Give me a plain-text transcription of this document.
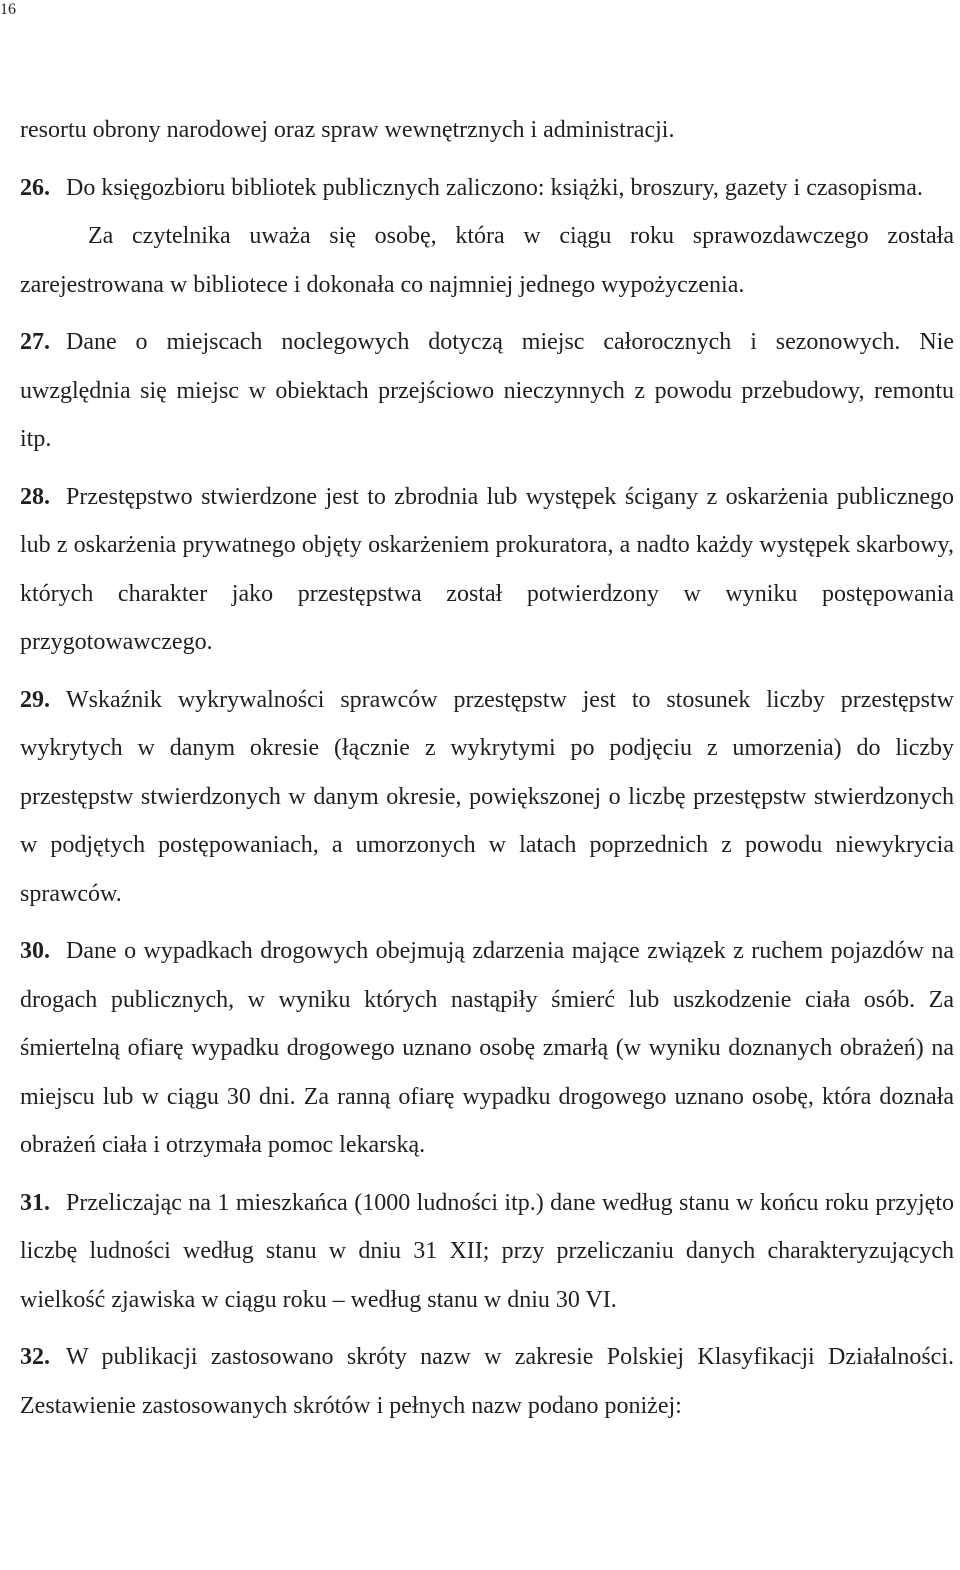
16

resortu obrony narodowej oraz spraw wewnętrznych i administracji.

26. Do księgozbioru bibliotek publicznych zaliczono: książki, broszury, gazety i czasopisma.

Za czytelnika uważa się osobę, która w ciągu roku sprawozdawczego została zarejestrowana w bibliotece i dokonała co najmniej jednego wypożyczenia.

27. Dane o miejscach noclegowych dotyczą miejsc całorocznych i sezonowych. Nie uwzględnia się miejsc w obiektach przejściowo nieczynnych z powodu przebudowy, remontu itp.

28. Przestępstwo stwierdzone jest to zbrodnia lub występek ścigany z oskarżenia publicznego lub z oskarżenia prywatnego objęty oskarżeniem prokuratora, a nadto każdy występek skarbowy, których charakter jako przestępstwa został potwierdzony w wyniku postępowania przygotowawczego.

29. Wskaźnik wykrywalności sprawców przestępstw jest to stosunek liczby przestępstw wykrytych w danym okresie (łącznie z wykrytymi po podjęciu z umorzenia) do liczby przestępstw stwierdzonych w danym okresie, powiększonej o liczbę przestępstw stwierdzonych w podjętych postępowaniach, a umorzonych w latach poprzednich z powodu niewykrycia sprawców.

30. Dane o wypadkach drogowych obejmują zdarzenia mające związek z ruchem pojazdów na drogach publicznych, w wyniku których nastąpiły śmierć lub uszkodzenie ciała osób. Za śmiertelną ofiarę wypadku drogowego uznano osobę zmarłą (w wyniku doznanych obrażeń) na miejscu lub w ciągu 30 dni. Za ranną ofiarę wypadku drogowego uznano osobę, która doznała obrażeń ciała i otrzymała pomoc lekarską.

31. Przeliczając na 1 mieszkańca (1000 ludności itp.) dane według stanu w końcu roku przyjęto liczbę ludności według stanu w dniu 31 XII; przy przeliczaniu danych charakteryzujących wielkość zjawiska w ciągu roku – według stanu w dniu 30 VI.

32. W publikacji zastosowano skróty nazw w zakresie Polskiej Klasyfikacji Działalności. Zestawienie zastosowanych skrótów i pełnych nazw podano poniżej:
